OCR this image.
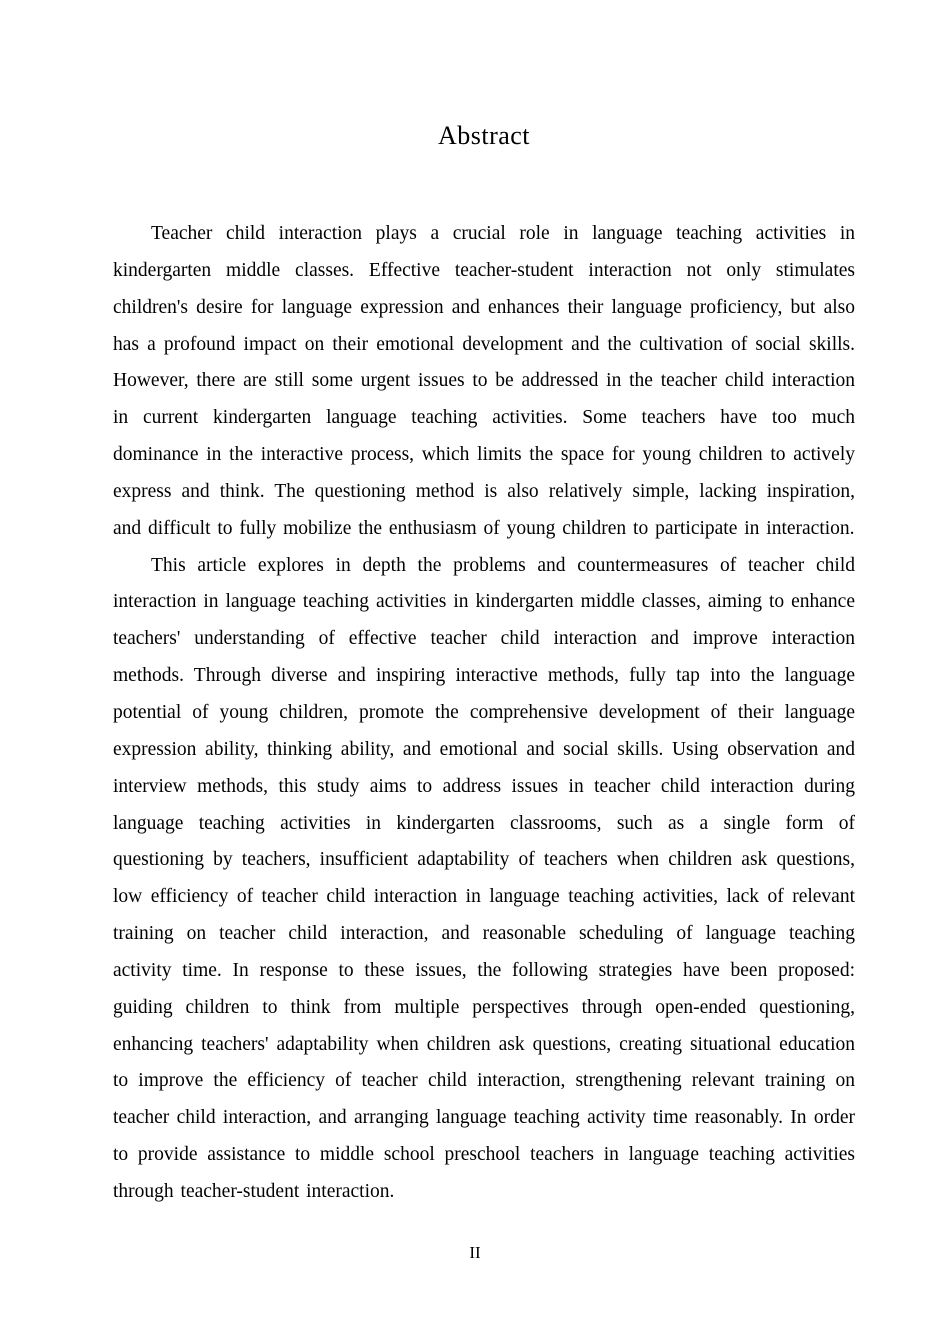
Abstract

Teacher child interaction plays a crucial role in language teaching activities in kindergarten middle classes. Effective teacher-student interaction not only stimulates children's desire for language expression and enhances their language proficiency, but also has a profound impact on their emotional development and the cultivation of social skills. However, there are still some urgent issues to be addressed in the teacher child interaction in current kindergarten language teaching activities. Some teachers have too much dominance in the interactive process, which limits the space for young children to actively express and think. The questioning method is also relatively simple, lacking inspiration, and difficult to fully mobilize the enthusiasm of young children to participate in interaction.

This article explores in depth the problems and countermeasures of teacher child interaction in language teaching activities in kindergarten middle classes, aiming to enhance teachers' understanding of effective teacher child interaction and improve interaction methods. Through diverse and inspiring interactive methods, fully tap into the language potential of young children, promote the comprehensive development of their language expression ability, thinking ability, and emotional and social skills. Using observation and interview methods, this study aims to address issues in teacher child interaction during language teaching activities in kindergarten classrooms, such as a single form of questioning by teachers, insufficient adaptability of teachers when children ask questions, low efficiency of teacher child interaction in language teaching activities, lack of relevant training on teacher child interaction, and reasonable scheduling of language teaching activity time. In response to these issues, the following strategies have been proposed: guiding children to think from multiple perspectives through open-ended questioning, enhancing teachers' adaptability when children ask questions, creating situational education to improve the efficiency of teacher child interaction, strengthening relevant training on teacher child interaction, and arranging language teaching activity time reasonably. In order to provide assistance to middle school preschool teachers in language teaching activities through teacher-student interaction.

II
